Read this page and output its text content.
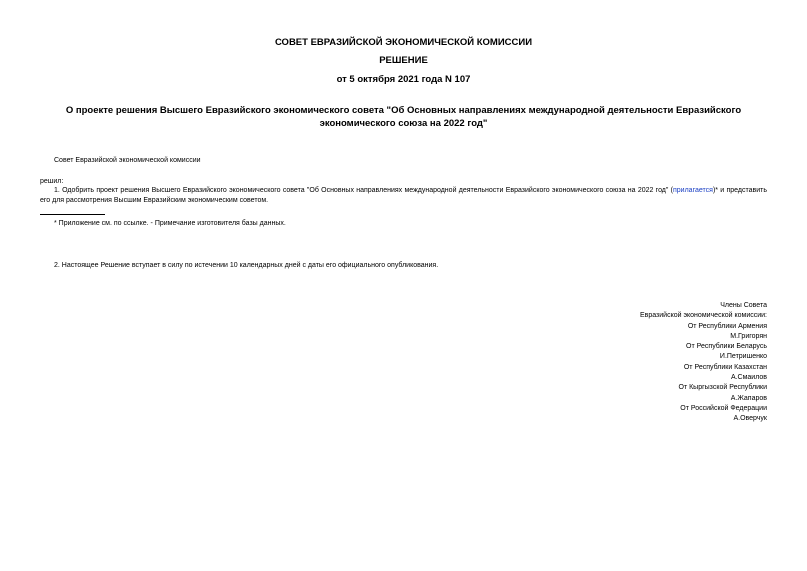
СОВЕТ ЕВРАЗИЙСКОЙ ЭКОНОМИЧЕСКОЙ КОМИССИИ
РЕШЕНИЕ
от 5 октября 2021 года N 107
О проекте решения Высшего Евразийского экономического совета "Об Основных направлениях международной деятельности Евразийского экономического союза на 2022 год"
Совет Евразийской экономической комиссии
решил:
1. Одобрить проект решения Высшего Евразийского экономического совета "Об Основных направлениях международной деятельности Евразийского экономического союза на 2022 год" (прилагается)* и представить его для рассмотрения Высшим Евразийским экономическим советом.
* Приложение см. по ссылке. - Примечание изготовителя базы данных.
2. Настоящее Решение вступает в силу по истечении 10 календарных дней с даты его официального опубликования.
Члены Совета
Евразийской экономической комиссии:
От Республики Армения
М.Григорян
От Республики Беларусь
И.Петришенко
От Республики Казахстан
А.Смаилов
От Кыргызской Республики
А.Жапаров
От Российской Федерации
А.Оверчук
